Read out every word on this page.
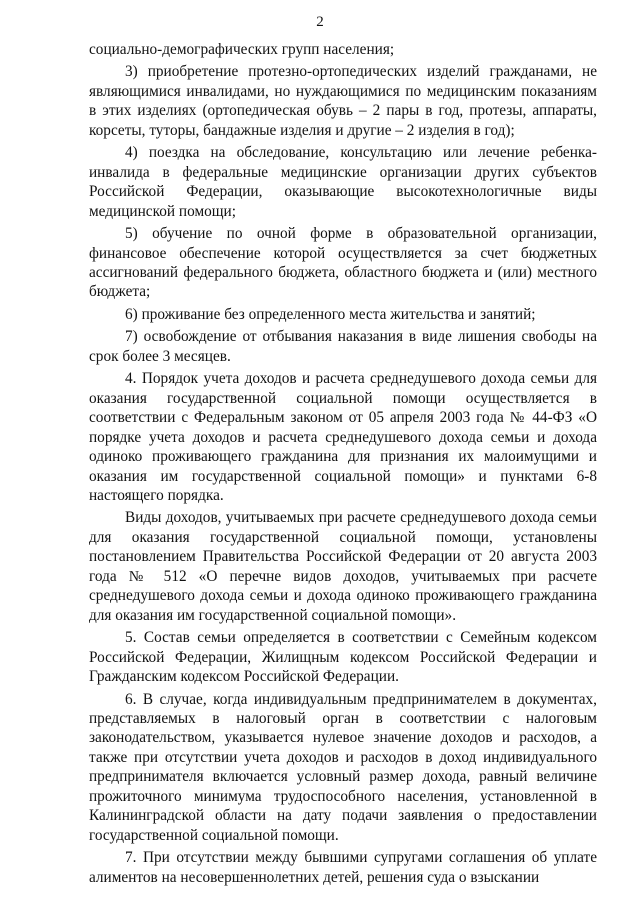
2

социально-демографических групп населения;

3) приобретение протезно-ортопедических изделий гражданами, не являющимися инвалидами, но нуждающимися по медицинским показаниям в этих изделиях (ортопедическая обувь – 2 пары в год, протезы, аппараты, корсеты, туторы, бандажные изделия и другие – 2 изделия в год);

4) поездка на обследование, консультацию или лечение ребенка-инвалида в федеральные медицинские организации других субъектов Российской Федерации, оказывающие высокотехнологичные виды медицинской помощи;

5) обучение по очной форме в образовательной организации, финансовое обеспечение которой осуществляется за счет бюджетных ассигнований федерального бюджета, областного бюджета и (или) местного бюджета;

6) проживание без определенного места жительства и занятий;

7) освобождение от отбывания наказания в виде лишения свободы на срок более 3 месяцев.

4. Порядок учета доходов и расчета среднедушевого дохода семьи для оказания государственной социальной помощи осуществляется в соответствии с Федеральным законом от 05 апреля 2003 года № 44-ФЗ «О порядке учета доходов и расчета среднедушевого дохода семьи и дохода одиноко проживающего гражданина для признания их малоимущими и оказания им государственной социальной помощи» и пунктами 6-8 настоящего порядка.

Виды доходов, учитываемых при расчете среднедушевого дохода семьи для оказания государственной социальной помощи, установлены постановлением Правительства Российской Федерации от 20 августа 2003 года № 512 «О перечне видов доходов, учитываемых при расчете среднедушевого дохода семьи и дохода одиноко проживающего гражданина для оказания им государственной социальной помощи».

5. Состав семьи определяется в соответствии с Семейным кодексом Российской Федерации, Жилищным кодексом Российской Федерации и Гражданским кодексом Российской Федерации.

6. В случае, когда индивидуальным предпринимателем в документах, представляемых в налоговый орган в соответствии с налоговым законодательством, указывается нулевое значение доходов и расходов, а также при отсутствии учета доходов и расходов в доход индивидуального предпринимателя включается условный размер дохода, равный величине прожиточного минимума трудоспособного населения, установленной в Калининградской области на дату подачи заявления о предоставлении государственной социальной помощи.

7. При отсутствии между бывшими супругами соглашения об уплате алиментов на несовершеннолетних детей, решения суда о взыскании
